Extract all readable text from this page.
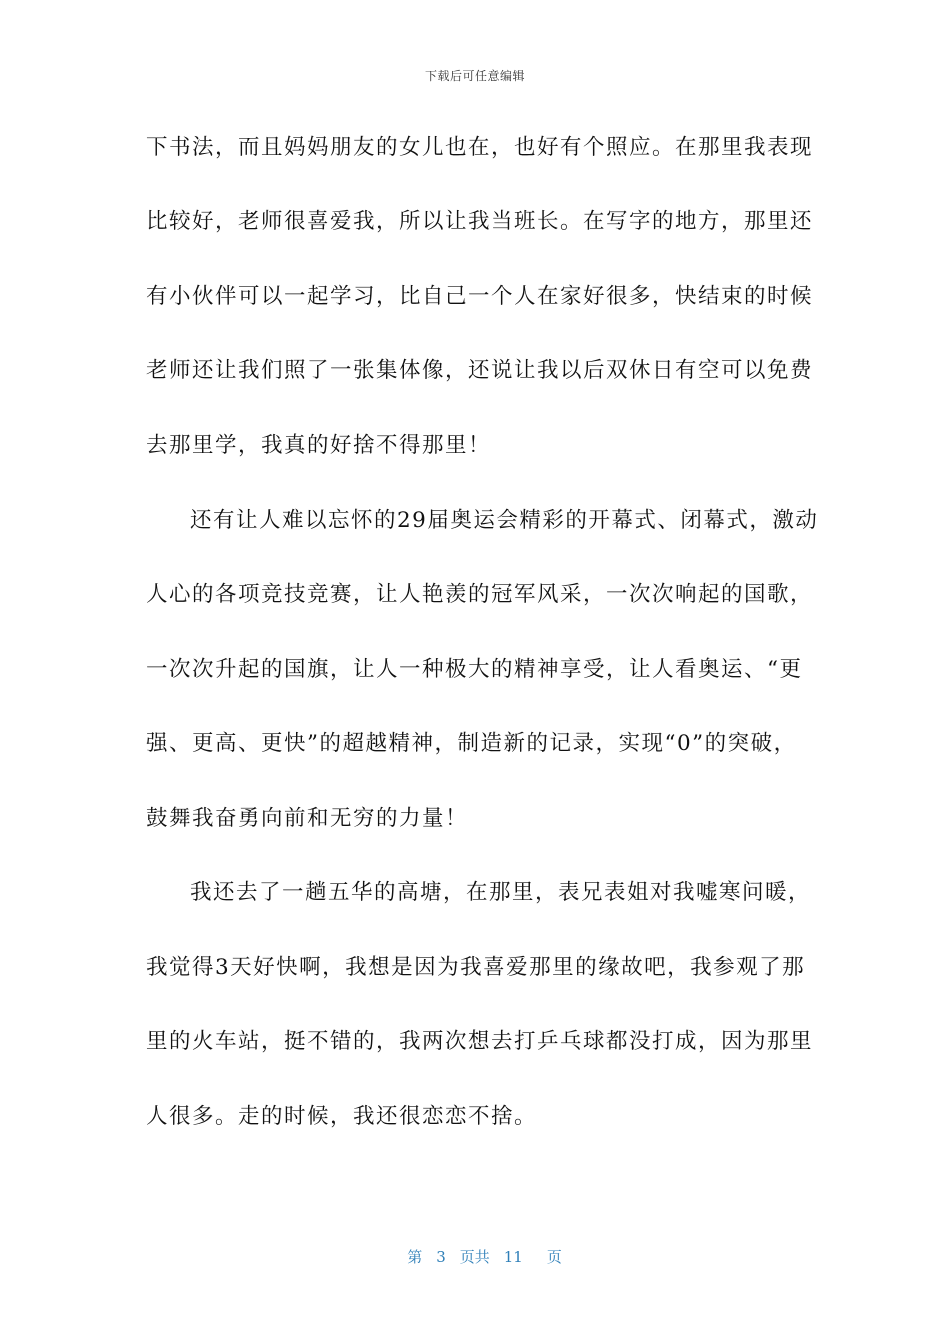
下载后可任意编辑
下书法，而且妈妈朋友的女儿也在，也好有个照应。在那里我表现
比较好，老师很喜爱我，所以让我当班长。在写字的地方，那里还
有小伙伴可以一起学习，比自己一个人在家好很多，快结束的时候
老师还让我们照了一张集体像，还说让我以后双休日有空可以免费
去那里学，我真的好捨不得那里！
还有让人难以忘怀的29届奥运会精彩的开幕式、闭幕式，激动
人心的各项竞技竞赛，让人艳羡的冠军风采，一次次响起的国歌，
一次次升起的国旗，让人一种极大的精神享受，让人看奥运、“更
强、更高、更快”的超越精神，制造新的记录，实现“0”的突破，
鼓舞我奋勇向前和无穷的力量！
我还去了一趟五华的高塘，在那里，表兄表姐对我嘘寒问暖，
我觉得3天好快啊，我想是因为我喜爱那里的缘故吧，我参观了那
里的火车站，挺不错的，我两次想去打乒乓球都没打成，因为那里
人很多。走的时候，我还很恋恋不捨。

第 3 页共 11 页
